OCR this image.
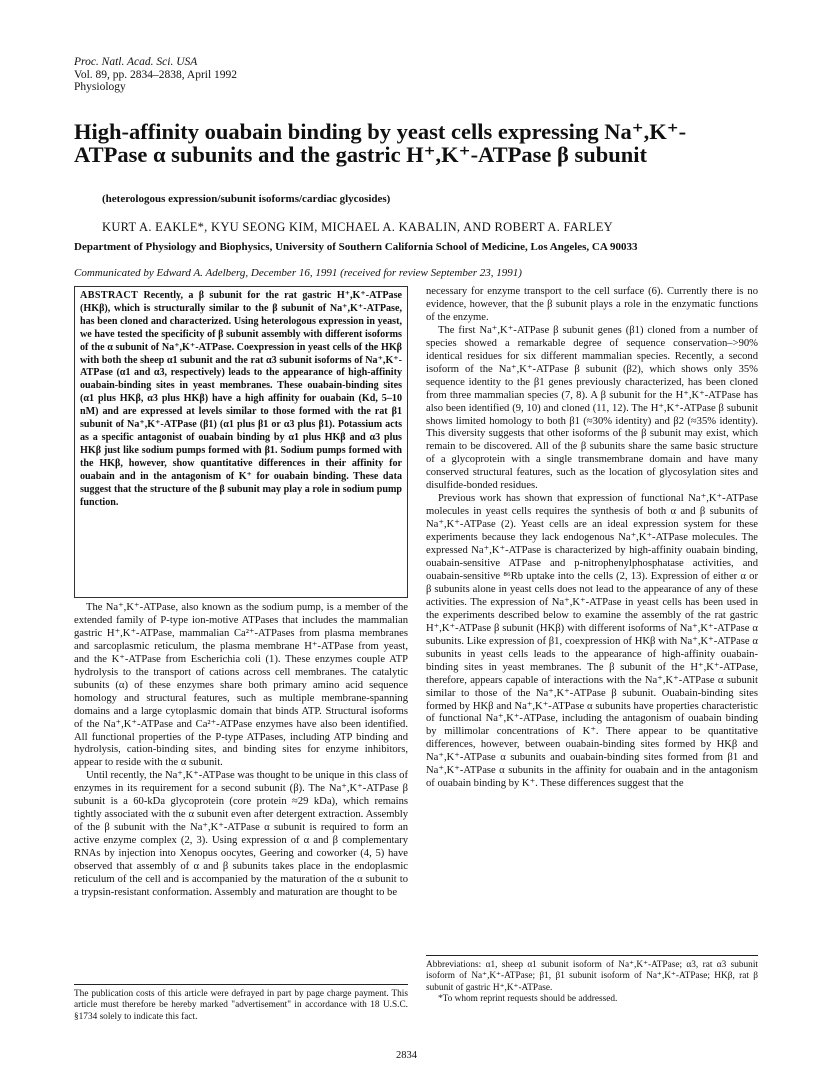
Proc. Natl. Acad. Sci. USA
Vol. 89, pp. 2834–2838, April 1992
Physiology
High-affinity ouabain binding by yeast cells expressing Na⁺,K⁺-ATPase α subunits and the gastric H⁺,K⁺-ATPase β subunit
(heterologous expression/subunit isoforms/cardiac glycosides)
KURT A. EAKLE*, KYU SEONG KIM, MICHAEL A. KABALIN, AND ROBERT A. FARLEY
Department of Physiology and Biophysics, University of Southern California School of Medicine, Los Angeles, CA 90033
Communicated by Edward A. Adelberg, December 16, 1991 (received for review September 23, 1991)
ABSTRACT Recently, a β subunit for the rat gastric H⁺,K⁺-ATPase (HKβ), which is structurally similar to the β subunit of Na⁺,K⁺-ATPase, has been cloned and characterized. Using heterologous expression in yeast, we have tested the specificity of β subunit assembly with different isoforms of the α subunit of Na⁺,K⁺-ATPase. Coexpression in yeast cells of the HKβ with both the sheep α1 subunit and the rat α3 subunit isoforms of Na⁺,K⁺-ATPase (α1 and α3, respectively) leads to the appearance of high-affinity ouabain-binding sites in yeast membranes. These ouabain-binding sites (α1 plus HKβ, α3 plus HKβ) have a high affinity for ouabain (Kd, 5–10 nM) and are expressed at levels similar to those formed with the rat β1 subunit of Na⁺,K⁺-ATPase (β1) (α1 plus β1 or α3 plus β1). Potassium acts as a specific antagonist of ouabain binding by α1 plus HKβ and α3 plus HKβ just like sodium pumps formed with β1. Sodium pumps formed with the HKβ, however, show quantitative differences in their affinity for ouabain and in the antagonism of K⁺ for ouabain binding. These data suggest that the structure of the β subunit may play a role in sodium pump function.

The Na⁺,K⁺-ATPase, also known as the sodium pump, is a member of the extended family of P-type ion-motive ATPases that includes the mammalian gastric H⁺,K⁺-ATPase, mammalian Ca²⁺-ATPases from plasma membranes and sarcoplasmic reticulum, the plasma membrane H⁺-ATPase from yeast, and the K⁺-ATPase from Escherichia coli (1). These enzymes couple ATP hydrolysis to the transport of cations across cell membranes. The catalytic subunits (α) of these enzymes share both primary amino acid sequence homology and structural features, such as multiple membrane-spanning domains and a large cytoplasmic domain that binds ATP. Structural isoforms of the Na⁺,K⁺-ATPase and Ca²⁺-ATPase enzymes have also been identified. All functional properties of the P-type ATPases, including ATP binding and hydrolysis, cation-binding sites, and binding sites for enzyme inhibitors, appear to reside with the α subunit.

Until recently, the Na⁺,K⁺-ATPase was thought to be unique in this class of enzymes in its requirement for a second subunit (β). The Na⁺,K⁺-ATPase β subunit is a 60-kDa glycoprotein (core protein ≈29 kDa), which remains tightly associated with the α subunit even after detergent extraction. Assembly of the β subunit with the Na⁺,K⁺-ATPase α subunit is required to form an active enzyme complex (2, 3). Using expression of α and β complementary RNAs by injection into Xenopus oocytes, Geering and coworker (4, 5) have observed that assembly of α and β subunits takes place in the endoplasmic reticulum of the cell and is accompanied by the maturation of the α subunit to a trypsin-resistant conformation. Assembly and maturation are thought to be

necessary for enzyme transport to the cell surface (6). Currently there is no evidence, however, that the β subunit plays a role in the enzymatic functions of the enzyme.

The first Na⁺,K⁺-ATPase β subunit genes (β1) cloned from a number of species showed a remarkable degree of sequence conservation–>90% identical residues for six different mammalian species. Recently, a second isoform of the Na⁺,K⁺-ATPase β subunit (β2), which shows only 35% sequence identity to the β1 genes previously characterized, has been cloned from three mammalian species (7, 8). A β subunit for the H⁺,K⁺-ATPase has also been identified (9, 10) and cloned (11, 12). The H⁺,K⁺-ATPase β subunit shows limited homology to both β1 (≈30% identity) and β2 (≈35% identity). This diversity suggests that other isoforms of the β subunit may exist, which remain to be discovered. All of the β subunits share the same basic structure of a glycoprotein with a single transmembrane domain and have many conserved structural features, such as the location of glycosylation sites and disulfide-bonded residues.

Previous work has shown that expression of functional Na⁺,K⁺-ATPase molecules in yeast cells requires the synthesis of both α and β subunits of Na⁺,K⁺-ATPase (2). Yeast cells are an ideal expression system for these experiments because they lack endogenous Na⁺,K⁺-ATPase molecules. The expressed Na⁺,K⁺-ATPase is characterized by high-affinity ouabain binding, ouabain-sensitive ATPase and p-nitrophenylphosphatase activities, and ouabain-sensitive ⁸⁶Rb uptake into the cells (2, 13). Expression of either α or β subunits alone in yeast cells does not lead to the appearance of any of these activities. The expression of Na⁺,K⁺-ATPase in yeast cells has been used in the experiments described below to examine the assembly of the rat gastric H⁺,K⁺-ATPase β subunit (HKβ) with different isoforms of Na⁺,K⁺-ATPase α subunits. Like expression of β1, coexpression of HKβ with Na⁺,K⁺-ATPase α subunits in yeast cells leads to the appearance of high-affinity ouabain-binding sites in yeast membranes. The β subunit of the H⁺,K⁺-ATPase, therefore, appears capable of interactions with the Na⁺,K⁺-ATPase α subunit similar to those of the Na⁺,K⁺-ATPase β subunit. Ouabain-binding sites formed by HKβ and Na⁺,K⁺-ATPase α subunits have properties characteristic of functional Na⁺,K⁺-ATPase, including the antagonism of ouabain binding by millimolar concentrations of K⁺. There appear to be quantitative differences, however, between ouabain-binding sites formed by HKβ and Na⁺,K⁺-ATPase α subunits and ouabain-binding sites formed from β1 and Na⁺,K⁺-ATPase α subunits in the affinity for ouabain and in the antagonism of ouabain binding by K⁺. These differences suggest that the

The publication costs of this article were defrayed in part by page charge payment. This article must therefore be hereby marked "advertisement" in accordance with 18 U.S.C. §1734 solely to indicate this fact.

Abbreviations: α1, sheep α1 subunit isoform of Na⁺,K⁺-ATPase; α3, rat α3 subunit isoform of Na⁺,K⁺-ATPase; β1, β1 subunit isoform of Na⁺,K⁺-ATPase; HKβ, rat β subunit of gastric H⁺,K⁺-ATPase.

*To whom reprint requests should be addressed.

2834
